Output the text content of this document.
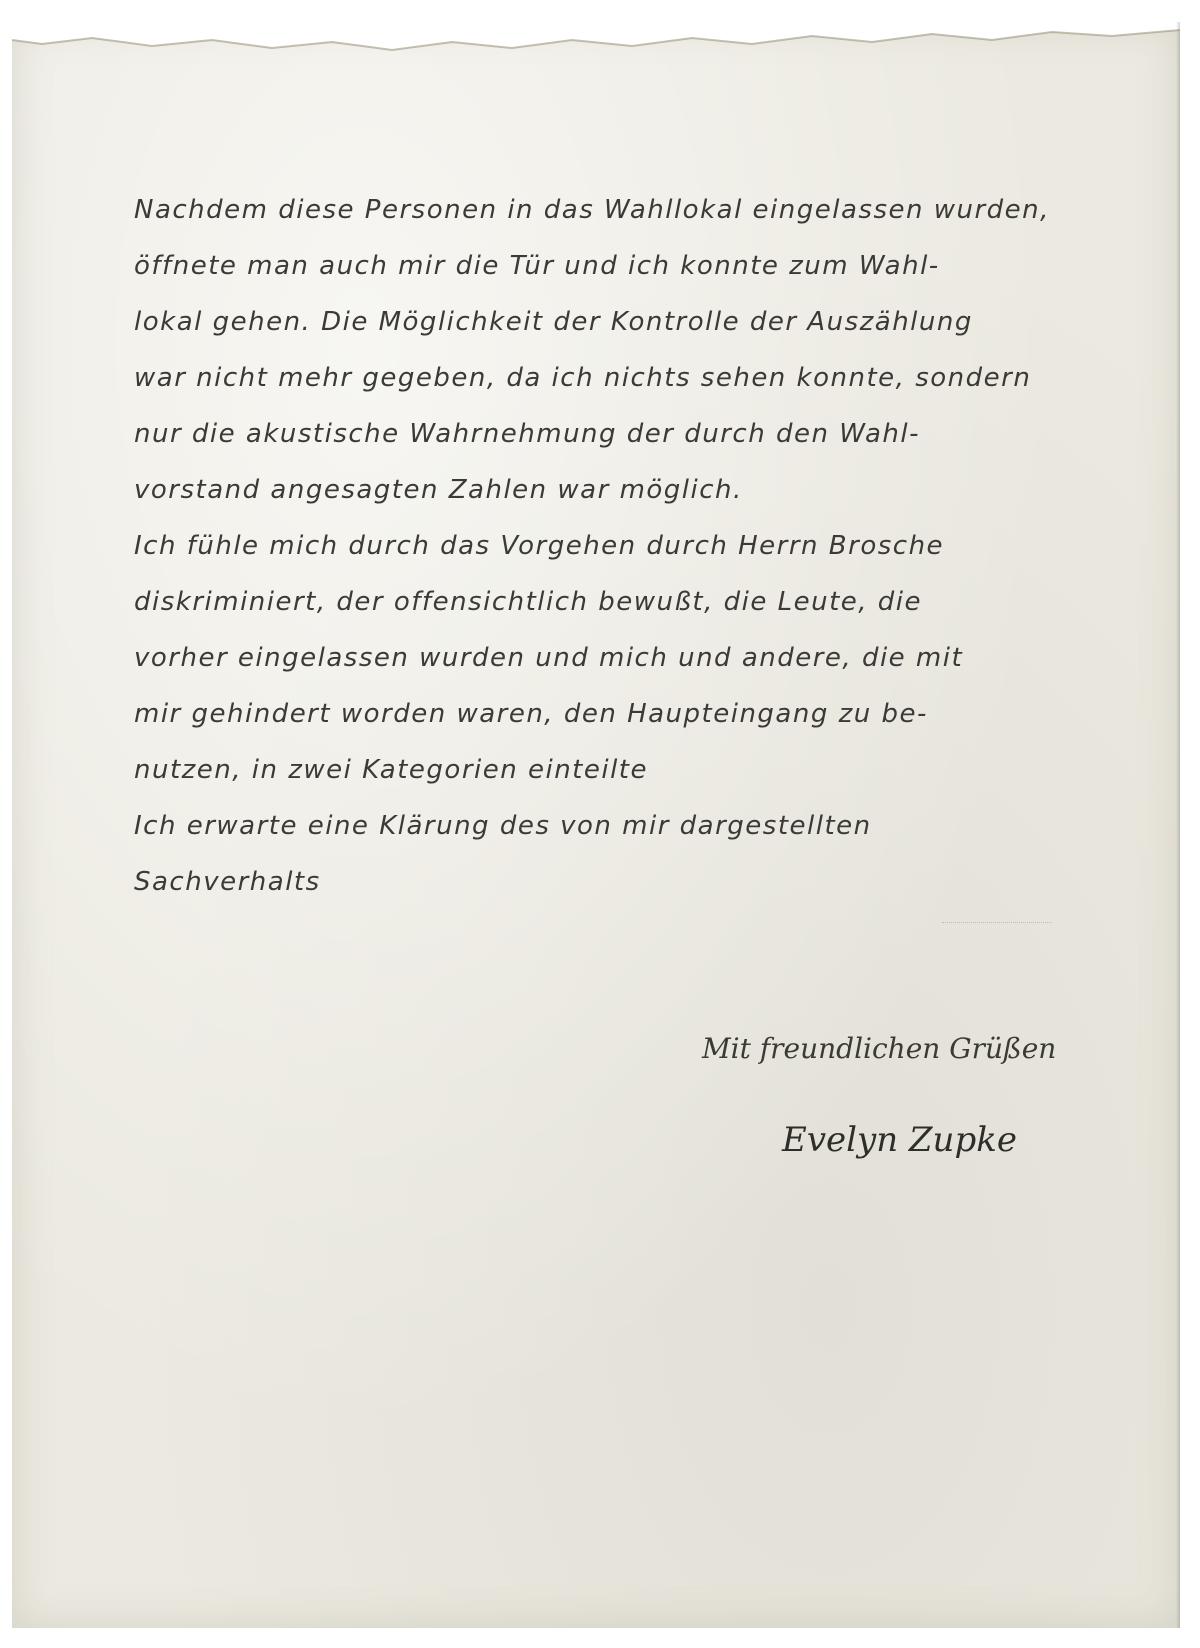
Nachdem diese Personen in das Wahllokal eingelassen wurden,
öffnete man auch mir die Tür und ich konnte zum Wahl-
lokal gehen. Die Möglichkeit der Kontrolle der Auszählung
war nicht mehr gegeben, da ich nichts sehen konnte, sondern
nur die akustische Wahrnehmung der durch den Wahl-
vorstand angesagten Zahlen war möglich.
Ich fühle mich durch das Vorgehen durch Herrn Brosche
diskriminiert, der offensichtlich bewußt, die Leute, die
vorher eingelassen wurden und mich und andere, die mit
mir gehindert worden waren, den Haupteingang zu be-
nutzen, in zwei Kategorien einteilte
Ich erwarte eine Klärung des von mir dargestellten
Sachverhalts
Mit freundlichen Grüßen
Evelyn Zupke
